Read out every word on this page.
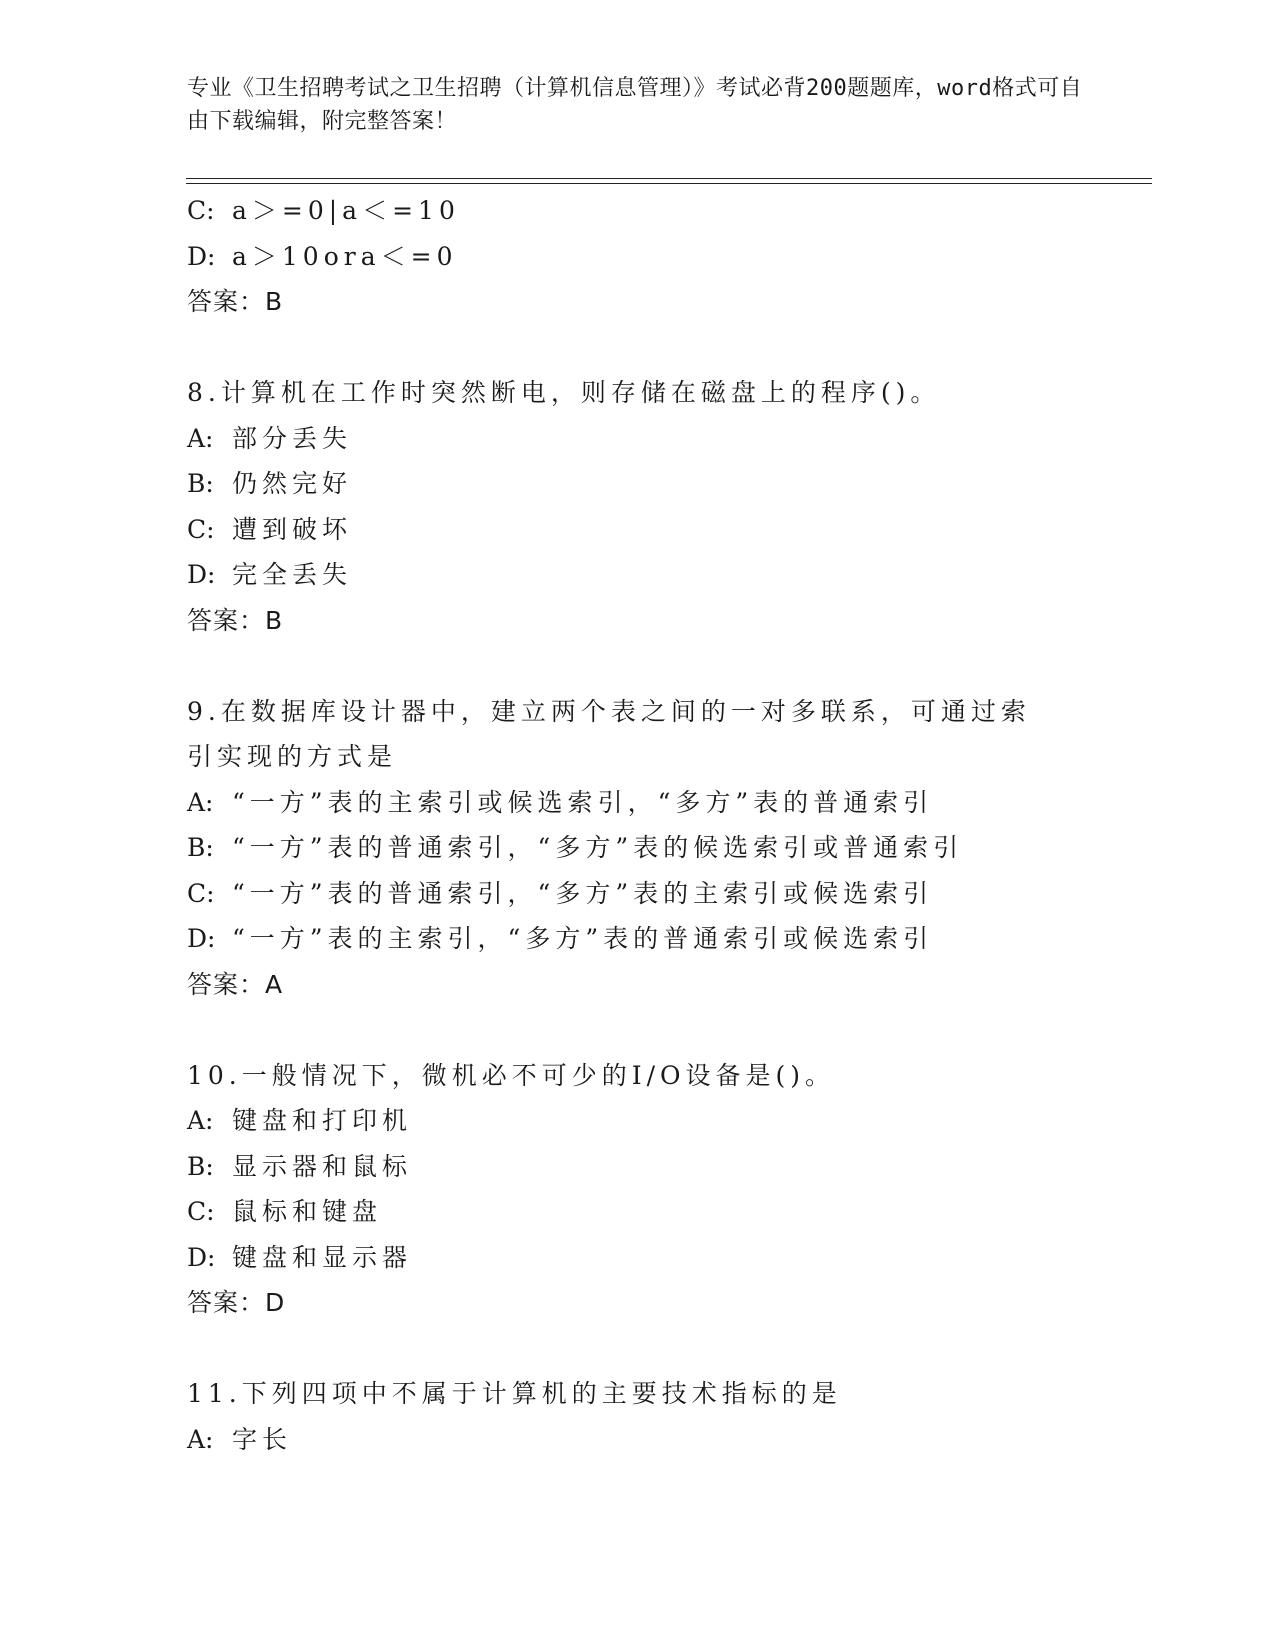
专业《卫生招聘考试之卫生招聘（计算机信息管理）》考试必背200题题库，word格式可自由下载编辑，附完整答案！
C: a＞=0|a＜=10
D: a＞10ora＜=0
答案：B
8.计算机在工作时突然断电，则存储在磁盘上的程序()。
A: 部分丢失
B: 仍然完好
C: 遭到破坏
D: 完全丢失
答案：B
9.在数据库设计器中，建立两个表之间的一对多联系，可通过索引实现的方式是
A: “一方”表的主索引或候选索引，“多方”表的普通索引
B: “一方”表的普通索引，“多方”表的候选索引或普通索引
C: “一方”表的普通索引，“多方”表的主索引或候选索引
D: “一方”表的主索引，“多方”表的普通索引或候选索引
答案：A
10.一般情况下，微机必不可少的I/O设备是()。
A: 键盘和打印机
B: 显示器和鼠标
C: 鼠标和键盘
D: 键盘和显示器
答案：D
11.下列四项中不属于计算机的主要技术指标的是
A: 字长
